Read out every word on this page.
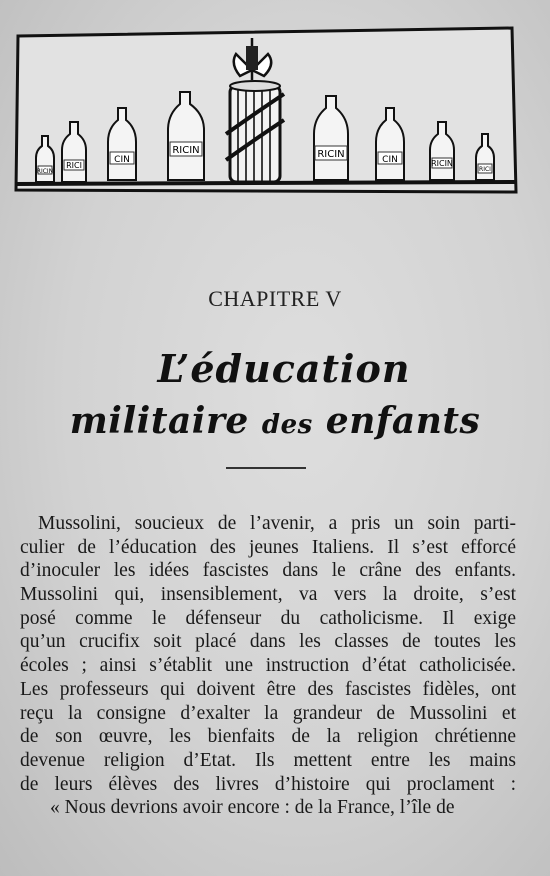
RICIN
RICI
CIN
RICIN	RICIN	CIN	RICIN
RICI
CHAPITRE V
L’éducation
militaire des enfants
Mussolini, soucieux de l’avenir, a pris un soin parti-
culier de l’éducation des jeunes Italiens. Il s’est efforcé
d’inoculer les idées fascistes dans le crâne des enfants.
Mussolini qui, insensiblement, va vers la droite, s’est
posé comme le défenseur du catholicisme. Il exige
qu’un crucifix soit placé dans les classes de toutes les
écoles ; ainsi s’établit une instruction d’état catholicisée.
Les professeurs qui doivent être des fascistes fidèles, ont
reçu la consigne d’exalter la grandeur de Mussolini et
de son œuvre, les bienfaits de la religion chrétienne
devenue religion d’Etat. Ils mettent entre les mains
de leurs élèves des livres d’histoire qui proclament :
« Nous devrions avoir encore : de la France, l’île de
